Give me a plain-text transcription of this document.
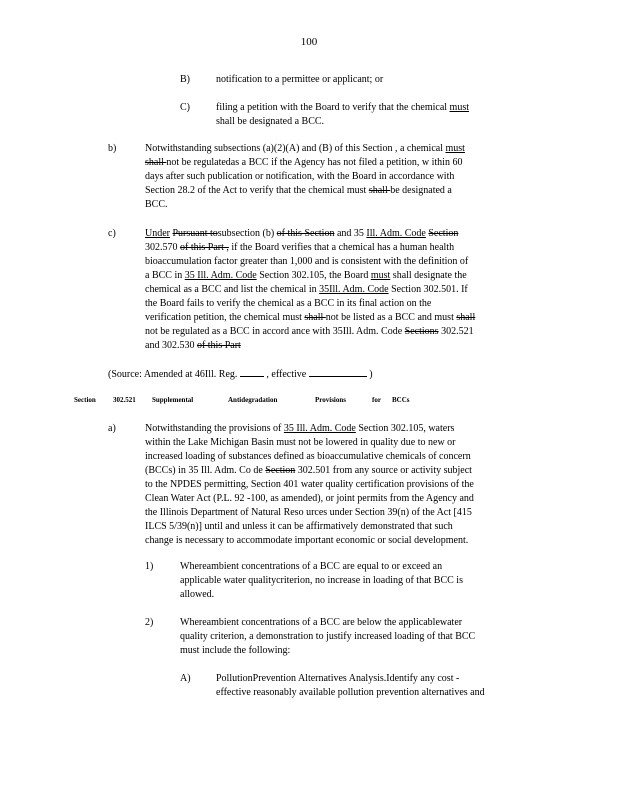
100
B)	notification to a permittee or applicant; or
C)	filing a petition with the Board to verify that the chemical must
shall be designated a BCC.
b)	Notwithstanding subsections (a)(2)(A) and (B) of this Section , a chemical must
shall not be regulatedas a BCC if the Agency has not filed a petition, w ithin 60
days after such publication or notification, with the Board in accordance with
Section 28.2 of the Act to verify that the chemical must shall be designated a
BCC.
c)	Under Pursuant tosubsection (b) of this Section and 35 Ill. Adm. Code Section
302.570 of this Part , if the Board verifies that a chemical has a human health
bioaccumulation factor greater than 1,000 and is consistent with the definition of
a BCC in 35 Ill. Adm. Code Section 302.105, the Board must shall designate the
chemical as a BCC and list the chemical in 35Ill. Adm. Code Section 302.501. If
the Board fails to verify the chemical as a BCC in its final action on the
verification petition, the chemical must shall not be listed as a BCC and must shall
not be regulated as a BCC in accord ance with 35Ill. Adm. Code Sections 302.521
and 302.530 of this Part
(Source: Amended at 46Ill. Reg.	, effective	)
Section 302.521 Supplemental	Antidegradation	Provisions	for BCCs
a)	Notwithstanding the provisions of 35 Ill. Adm. Code Section 302.105, waters
within the Lake Michigan Basin must not be lowered in quality due to new or
increased loading of substances defined as bioaccumulative chemicals of concern
(BCCs) in 35 Ill. Adm. Co de Section 302.501 from any source or activity subject
to the NPDES permitting, Section 401 water quality certification provisions of the
Clean Water Act (P.L. 92 -100, as amended), or joint permits from the Agency and
the Illinois Department of Natural Reso urces under Section 39(n) of the Act [415
ILCS 5/39(n)] until and unless it can be affirmatively demonstrated that such
change is necessary to accommodate important economic or social development.
1)	Whereambient concentrations of a BCC are equal to or exceed an
applicable water qualitycriterion, no increase in loading of that BCC is
allowed.
2)	Whereambient concentrations of a BCC are below the applicablewater
quality criterion, a demonstration to justify increased loading of that BCC
must include the following:
A)	PollutionPrevention Alternatives Analysis.Identify any cost -
effective reasonably available pollution prevention alternatives and
